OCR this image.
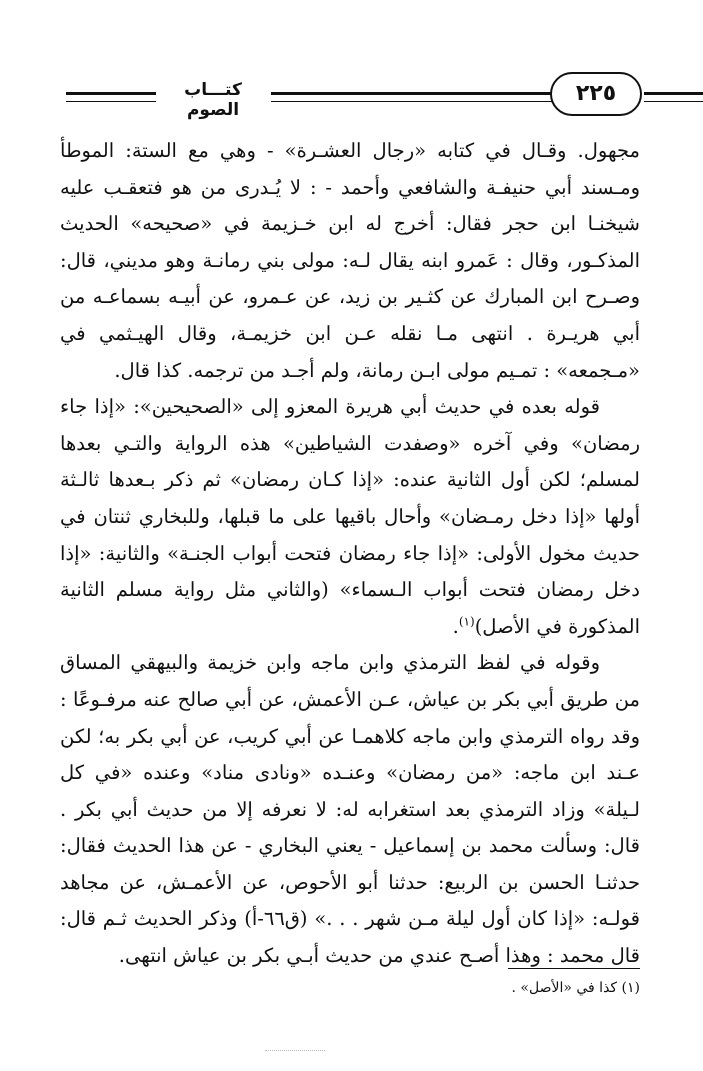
كتـــاب الصوم
٢٢٥

مجهول. وقـال في كتابه «رجال العشـرة» - وهي مع الستة: الموطأ ومـسند أبي حنيفـة والشافعي وأحمد - : لا يُـدرى من هو فتعقـب عليه شيخنـا ابن حجر فقال: أخرج له ابن خـزيمة في «صحيحه» الحديث المذكـور، وقال : عَمرو ابنه يقال لـه: مولى بني رمانـة وهو مديني، قال: وصـرح ابن المبارك عن كثـير بن زيد، عن عـمرو، عن أبيـه بسماعـه من أبي هريـرة . انتهى مـا نقله عـن ابن خزيمـة، وقال الهيـثمي في «مـجمعه» : تمـيم مولى ابـن رمانة، ولم أجـد من ترجمه. كذا قال.

قوله بعده في حديث أبي هريرة المعزو إلى «الصحيحين»: «إذا جاء رمضان» وفي آخره «وصفدت الشياطين» هذه الرواية والتـي بعدها لمسلم؛ لكن أول الثانية عنده: «إذا كـان رمضان» ثم ذكر بـعدها ثالـثة أولها «إذا دخل رمـضان» وأحال باقيها على ما قبلها، وللبخاري ثنتان في حديث مخول الأولى: «إذا جاء رمضان فتحت أبواب الجنـة» والثانية: «إذا دخل رمضان فتحت أبواب الـسماء» (والثاني مثل رواية مسلم الثانية المذكورة في الأصل)$^{(١)}$.

وقوله في لفظ الترمذي وابن ماجه وابن خزيمة والبيهقي المساق من طريق أبي بكر بن عياش، عـن الأعمش، عن أبي صالح عنه مرفـوعًا : وقد رواه الترمذي وابن ماجه كلاهمـا عن أبي كريب، عن أبي بكر به؛ لكن عـند ابن ماجه: «من رمضان» وعنـده «ونادى مناد» وعنده «في كل لـيلة» وزاد الترمذي بعد استغرابه له: لا نعرفه إلا من حديث أبي بكر . قال: وسألت محمد بن إسماعيل - يعني البخاري - عن هذا الحديث فقال: حدثنـا الحسن بن الربيع: حدثنا أبو الأحوص، عن الأعمـش، عن مجاهد قولـه: «إذا كان أول ليلة مـن شهر . . .» (ق٦٦-أ) وذكر الحديث ثـم قال: قال محمد : وهذا أصـح عندي من حديث أبـي بكر بن عياش انتهى.

(١) كذا في «الأصل» .
